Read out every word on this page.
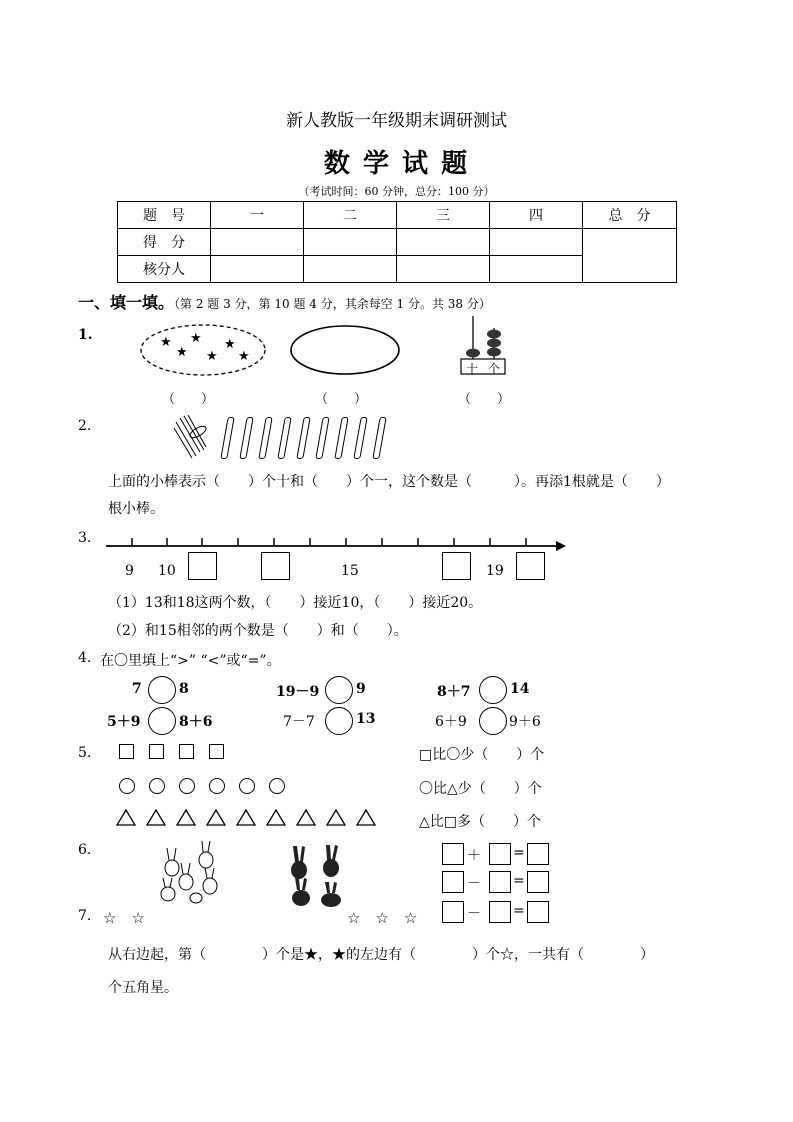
新人教版一年级期末调研测试
数 学 试 题
（考试时间：60 分钟，总分：100 分）
题　号	一	二	三	四	总　分
得　分					
核分人					
一、填一填。（第 2 题 3 分，第 10 题 4 分，其余每空 1 分。共 38 分）
1.	★ ★ ★
★ ★ ★
十 个
（　　）	（　　）	（　　）
2.
上面的小棒表示（　　）个十和（　　）个一，这个数是（　　　）。再添1根就是（　　）
根小棒。
3.
9 10	15	19
（1）13和18这两个数，（　　）接近10，（　　）接近20。
（2）和15相邻的两个数是（　　）和（　　）。
4. 在〇里填上“>” “<”或“=”。
7	8	19－9	9	8＋7	14
5＋9	8＋6	7－7	13	6＋9	9＋6
5.	□比〇少（　　）个
〇比△少（　　）个
△比□多（　　）个
6.	＋ =
－ =
－ =
7. ☆　☆	☆　☆　☆
从右边起，第（　　　　）个是★，★的左边有（　　　　）个☆，一共有（　　　　）
个五角星。
